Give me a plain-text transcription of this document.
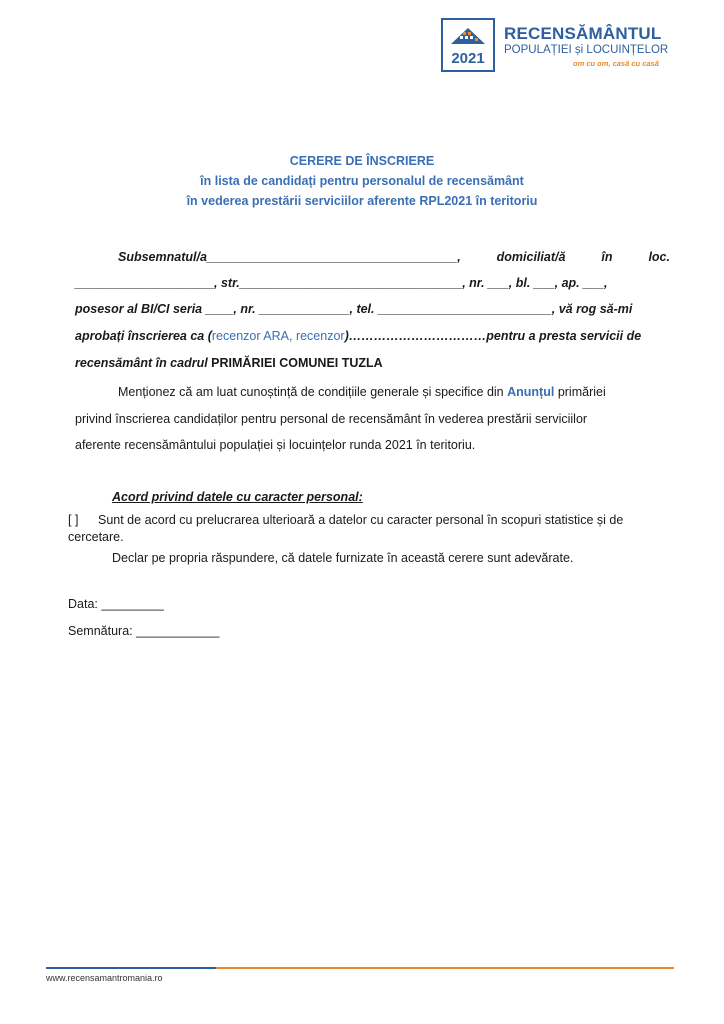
2021
RECENSĂMÂNTUL
POPULAȚIEI și LOCUINȚELOR
om cu om, casă cu casă
CERERE DE ÎNSCRIERE
în lista de candidați pentru personalul de recensământ
în vederea prestării serviciilor aferente RPL2021 în teritoriu
Subsemnatul/a____________________________________,	domiciliat/ă	în	loc.
____________________, str.________________________________, nr. ___, bl. ___, ap. ___,
posesor al BI/CI seria ____, nr. _____________, tel. _________________________, vă rog să-mi
aprobați înscrierea ca (recenzor ARA, recenzor)……………………………pentru a presta servicii de
recensământ în cadrul PRIMĂRIEI COMUNEI TUZLA
Menționez că am luat cunoștință de condițiile generale și specifice din Anunțul primăriei
privind înscrierea candidaților pentru personal de recensământ în vederea prestării serviciilor
aferente recensământului populației și locuințelor runda 2021 în teritoriu.
Acord privind datele cu caracter personal:
[ ] Sunt de acord cu prelucrarea ulterioară a datelor cu caracter personal în scopuri statistice și de
cercetare.
Declar pe propria răspundere, că datele furnizate în această cerere sunt adevărate.
Data: _________
Semnătura: ____________
www.recensamantromania.ro
